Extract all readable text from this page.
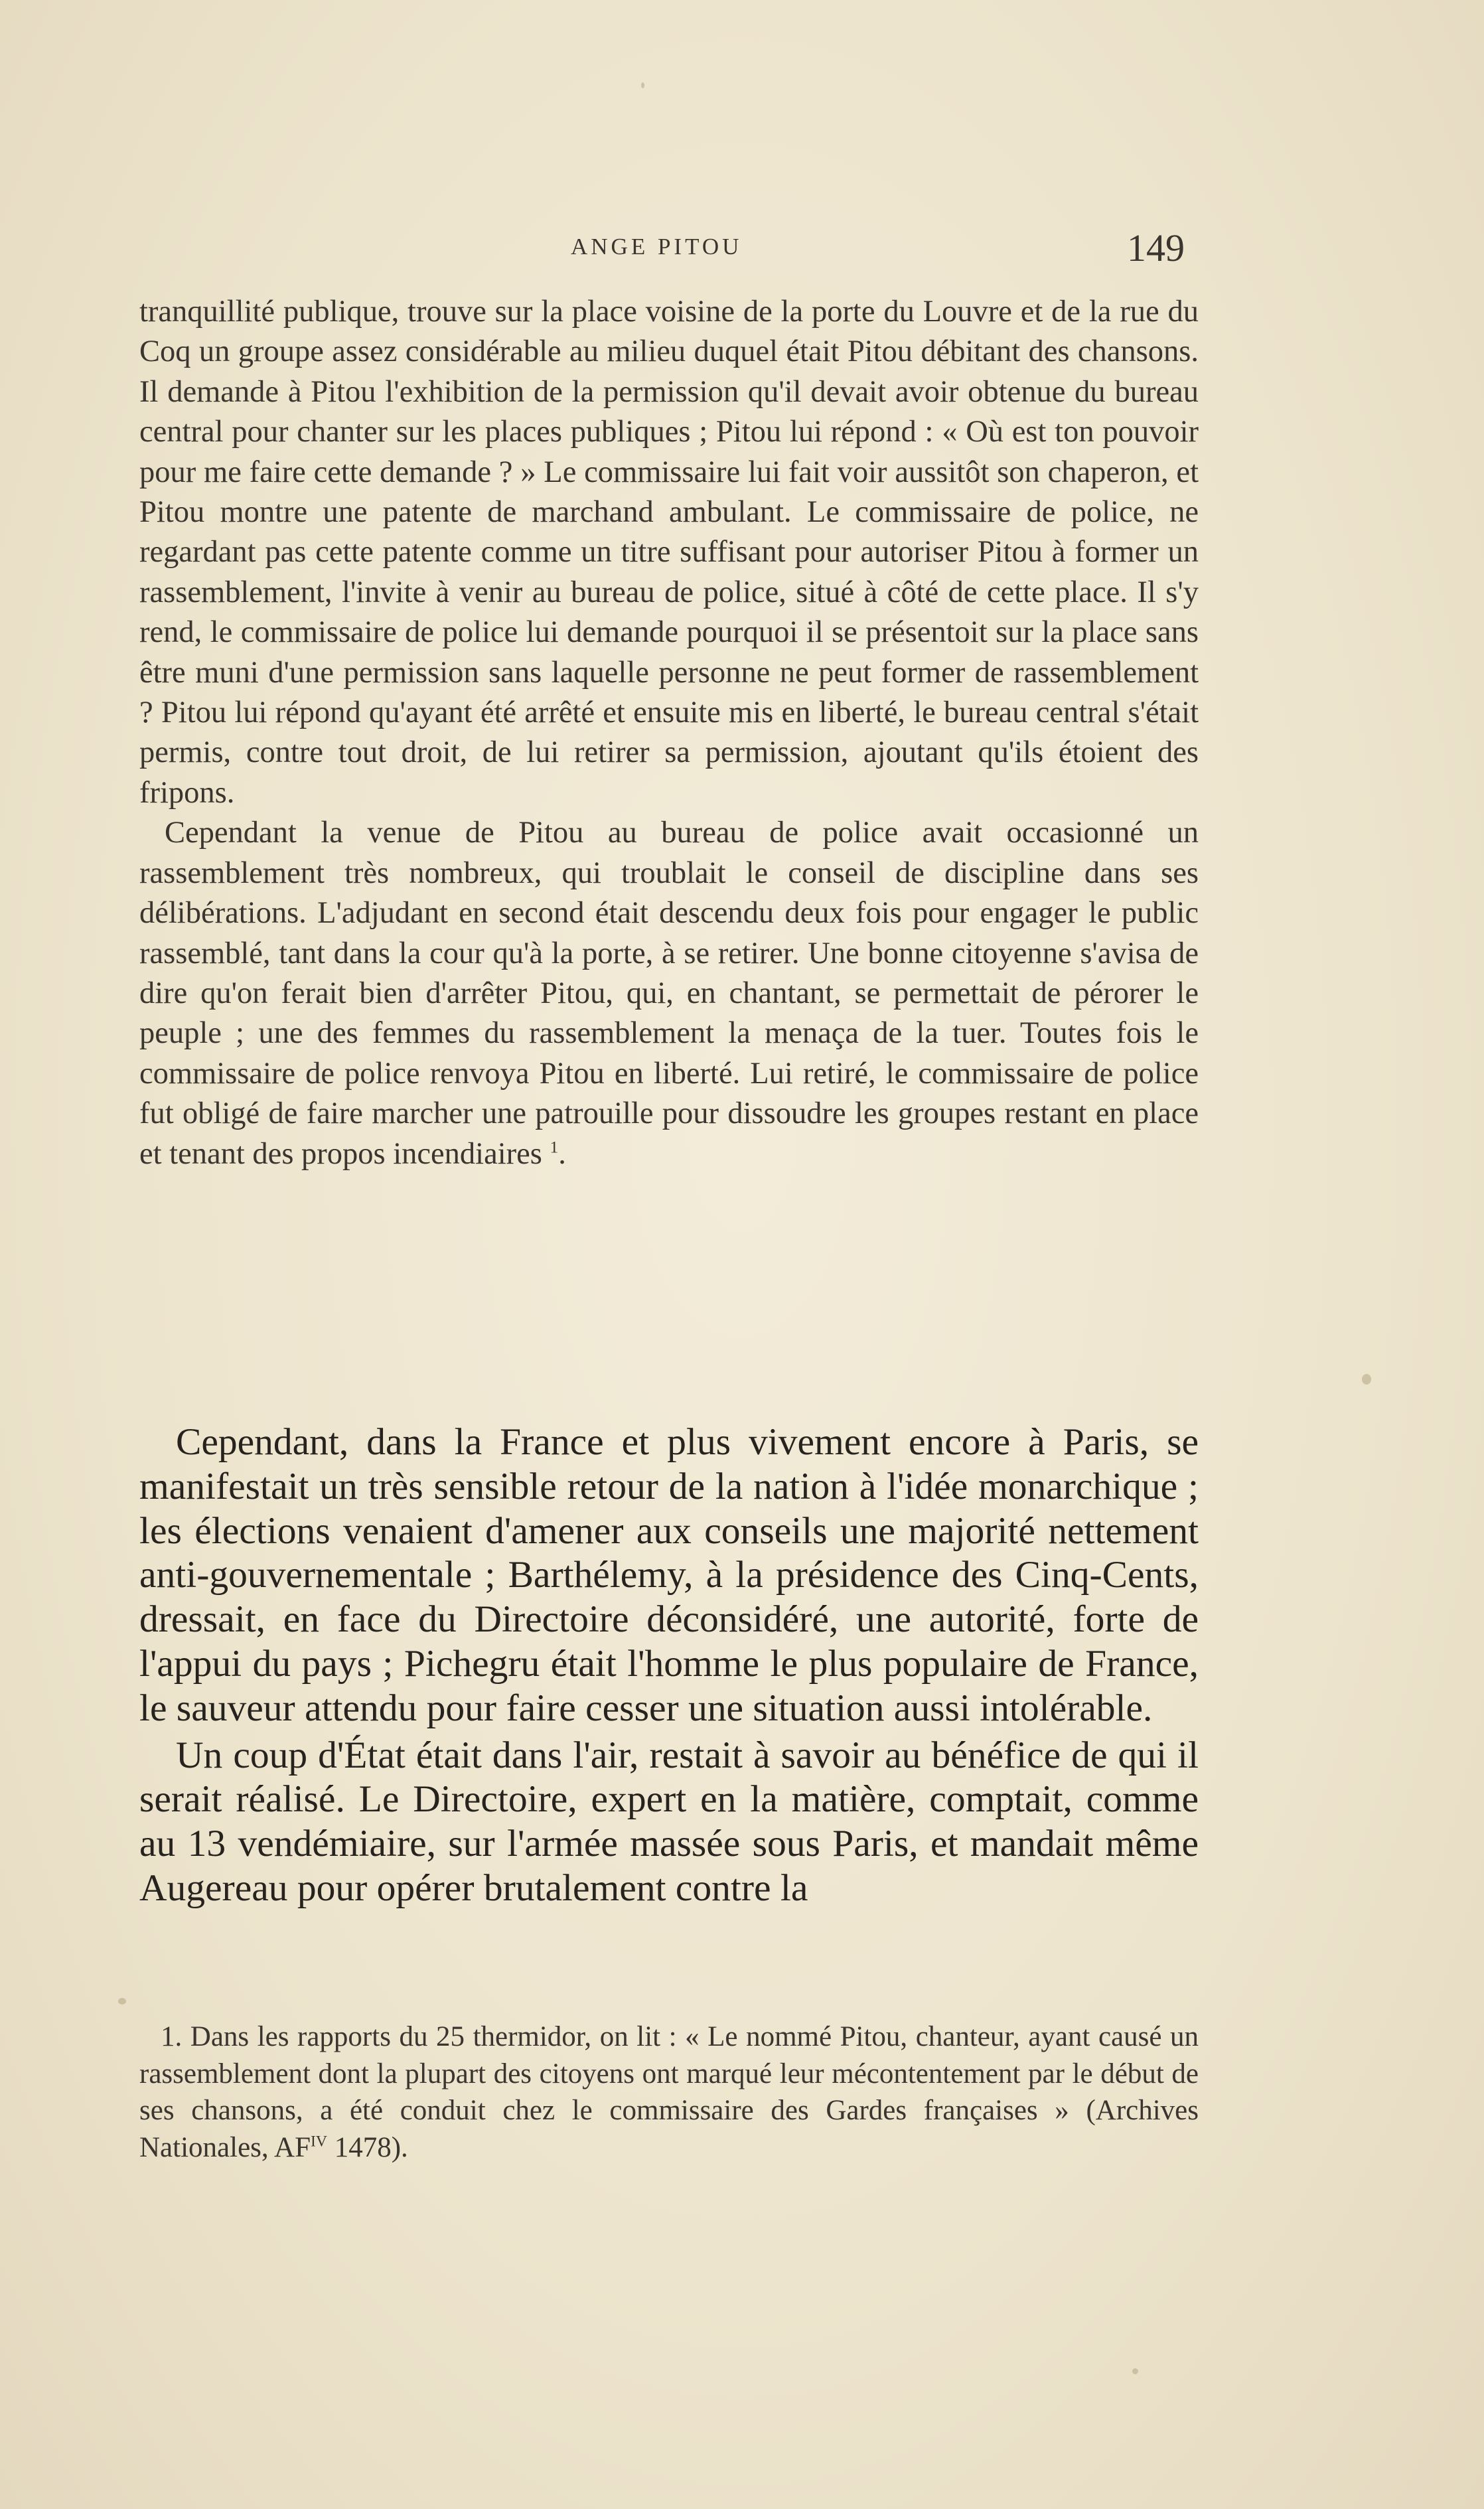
ANGE PITOU	149

tranquillité publique, trouve sur la place voisine de la porte du Louvre et de la rue du Coq un groupe assez considérable au milieu duquel était Pitou débitant des chansons. Il demande à Pitou l'exhibition de la permission qu'il devait avoir obtenue du bureau central pour chanter sur les places publiques ; Pitou lui répond : « Où est ton pouvoir pour me faire cette demande ? » Le commissaire lui fait voir aussitôt son chaperon, et Pitou montre une patente de marchand ambulant. Le commissaire de police, ne regardant pas cette patente comme un titre suffisant pour autoriser Pitou à former un rassemblement, l'invite à venir au bureau de police, situé à côté de cette place. Il s'y rend, le commissaire de police lui demande pourquoi il se présentoit sur la place sans être muni d'une permission sans laquelle personne ne peut former de rassemblement ? Pitou lui répond qu'ayant été arrêté et ensuite mis en liberté, le bureau central s'était permis, contre tout droit, de lui retirer sa permission, ajoutant qu'ils étoient des fripons.

Cependant la venue de Pitou au bureau de police avait occasionné un rassemblement très nombreux, qui troublait le conseil de discipline dans ses délibérations. L'adjudant en second était descendu deux fois pour engager le public rassemblé, tant dans la cour qu'à la porte, à se retirer. Une bonne citoyenne s'avisa de dire qu'on ferait bien d'arrêter Pitou, qui, en chantant, se permettait de pérorer le peuple ; une des femmes du rassemblement la menaça de la tuer. Toutes fois le commissaire de police renvoya Pitou en liberté. Lui retiré, le commissaire de police fut obligé de faire marcher une patrouille pour dissoudre les groupes restant en place et tenant des propos incendiaires $^1$.

Cependant, dans la France et plus vivement encore à Paris, se manifestait un très sensible retour de la nation à l'idée monarchique ; les élections venaient d'amener aux conseils une majorité nettement anti-gouvernementale ; Barthélemy, à la présidence des Cinq-Cents, dressait, en face du Directoire déconsidéré, une autorité, forte de l'appui du pays ; Pichegru était l'homme le plus populaire de France, le sauveur attendu pour faire cesser une situation aussi intolérable.

Un coup d'État était dans l'air, restait à savoir au bénéfice de qui il serait réalisé. Le Directoire, expert en la matière, comptait, comme au 13 vendémiaire, sur l'armée massée sous Paris, et mandait même Augereau pour opérer brutalement contre la

1. Dans les rapports du 25 thermidor, on lit : « Le nommé Pitou, chanteur, ayant causé un rassemblement dont la plupart des citoyens ont marqué leur mécontentement par le début de ses chansons, a été conduit chez le commissaire des Gardes françaises » (Archives Nationales, $AF^{IV}$ 1478).
